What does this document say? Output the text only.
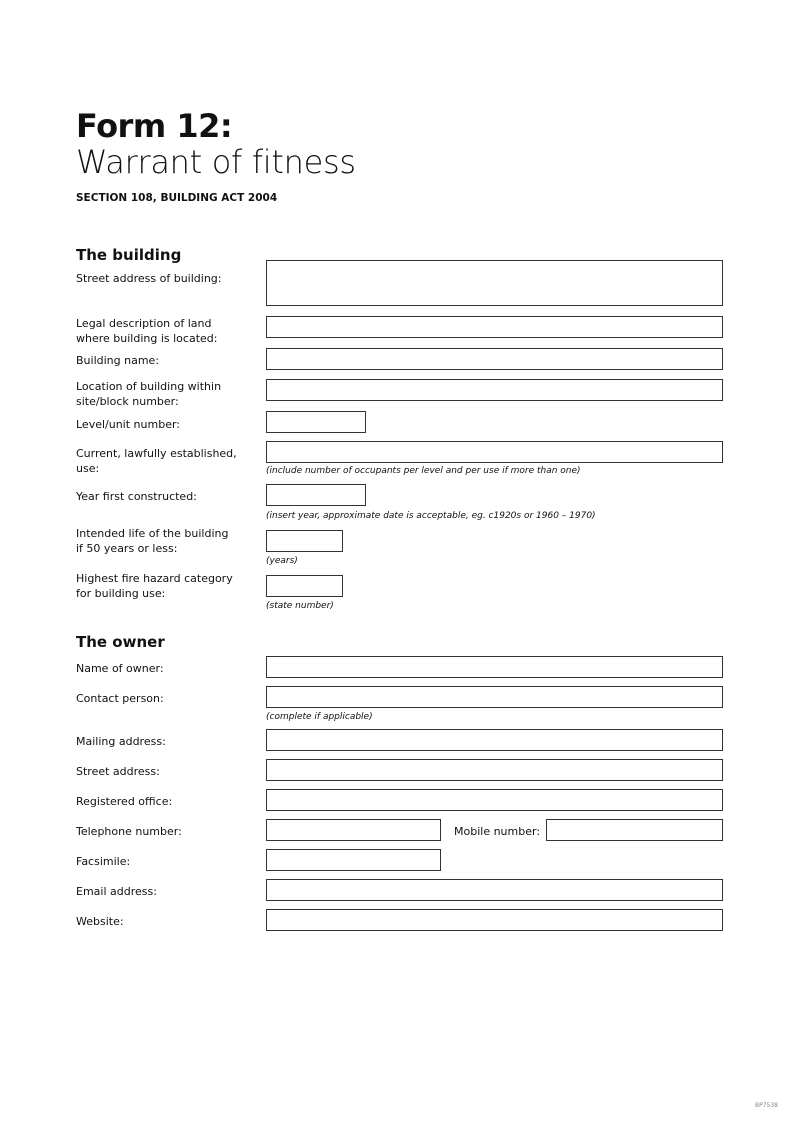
Form 12:
Warrant of fitness
SECTION 108, BUILDING ACT 2004
The building
Street address of building:
Legal description of land
where building is located:
Building name:
Location of building within
site/block number:
Level/unit number:
Current, lawfully established, use:	(include number of occupants per level and per use if more than one)
Year first constructed:
(insert year, approximate date is acceptable, eg. c1920s or 1960 – 1970)
Intended life of the building
if 50 years or less:
(years)
Highest fire hazard category
for building use:
(state number)
The owner
Name of owner:
Contact person:
(complete if applicable)
Mailing address:
Street address:
Registered office:
Telephone number:	Mobile number:
Facsimile:
Email address:
Website:
BP7538
